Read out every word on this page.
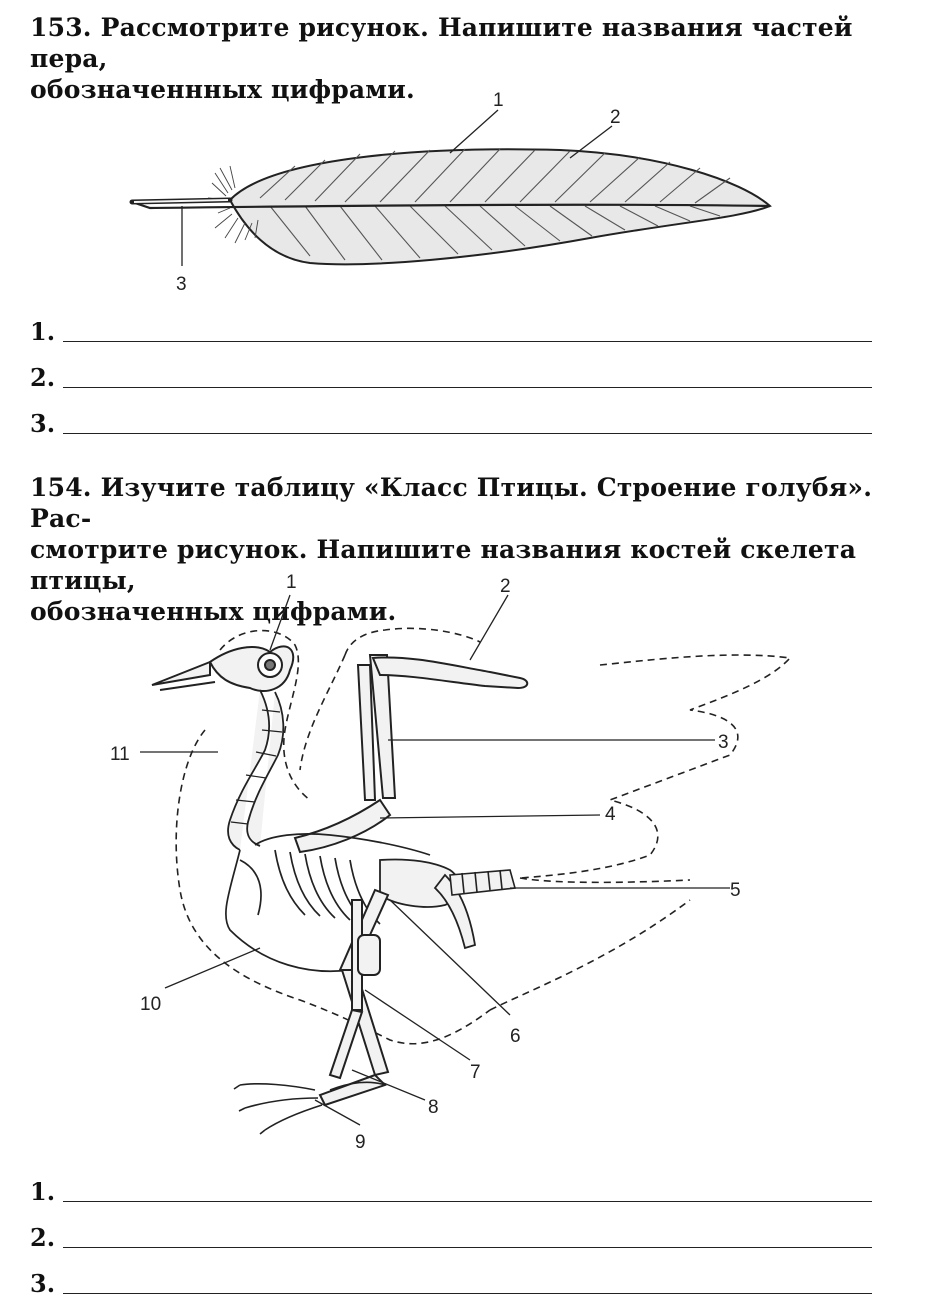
153. Рассмотрите рисунок. Напишите названия частей пера,

обозначеннных цифрами.	1
2
3
1.
2.
3.

154. Изучите таблицу «Класс Птицы. Строение голубя». Рас-

смотрите рисунок. Напишите названия костей скелета птицы,

обозначенных цифрами.

1	2
3
4
5
6
7
8
9
10
11
1.
2.
3.
